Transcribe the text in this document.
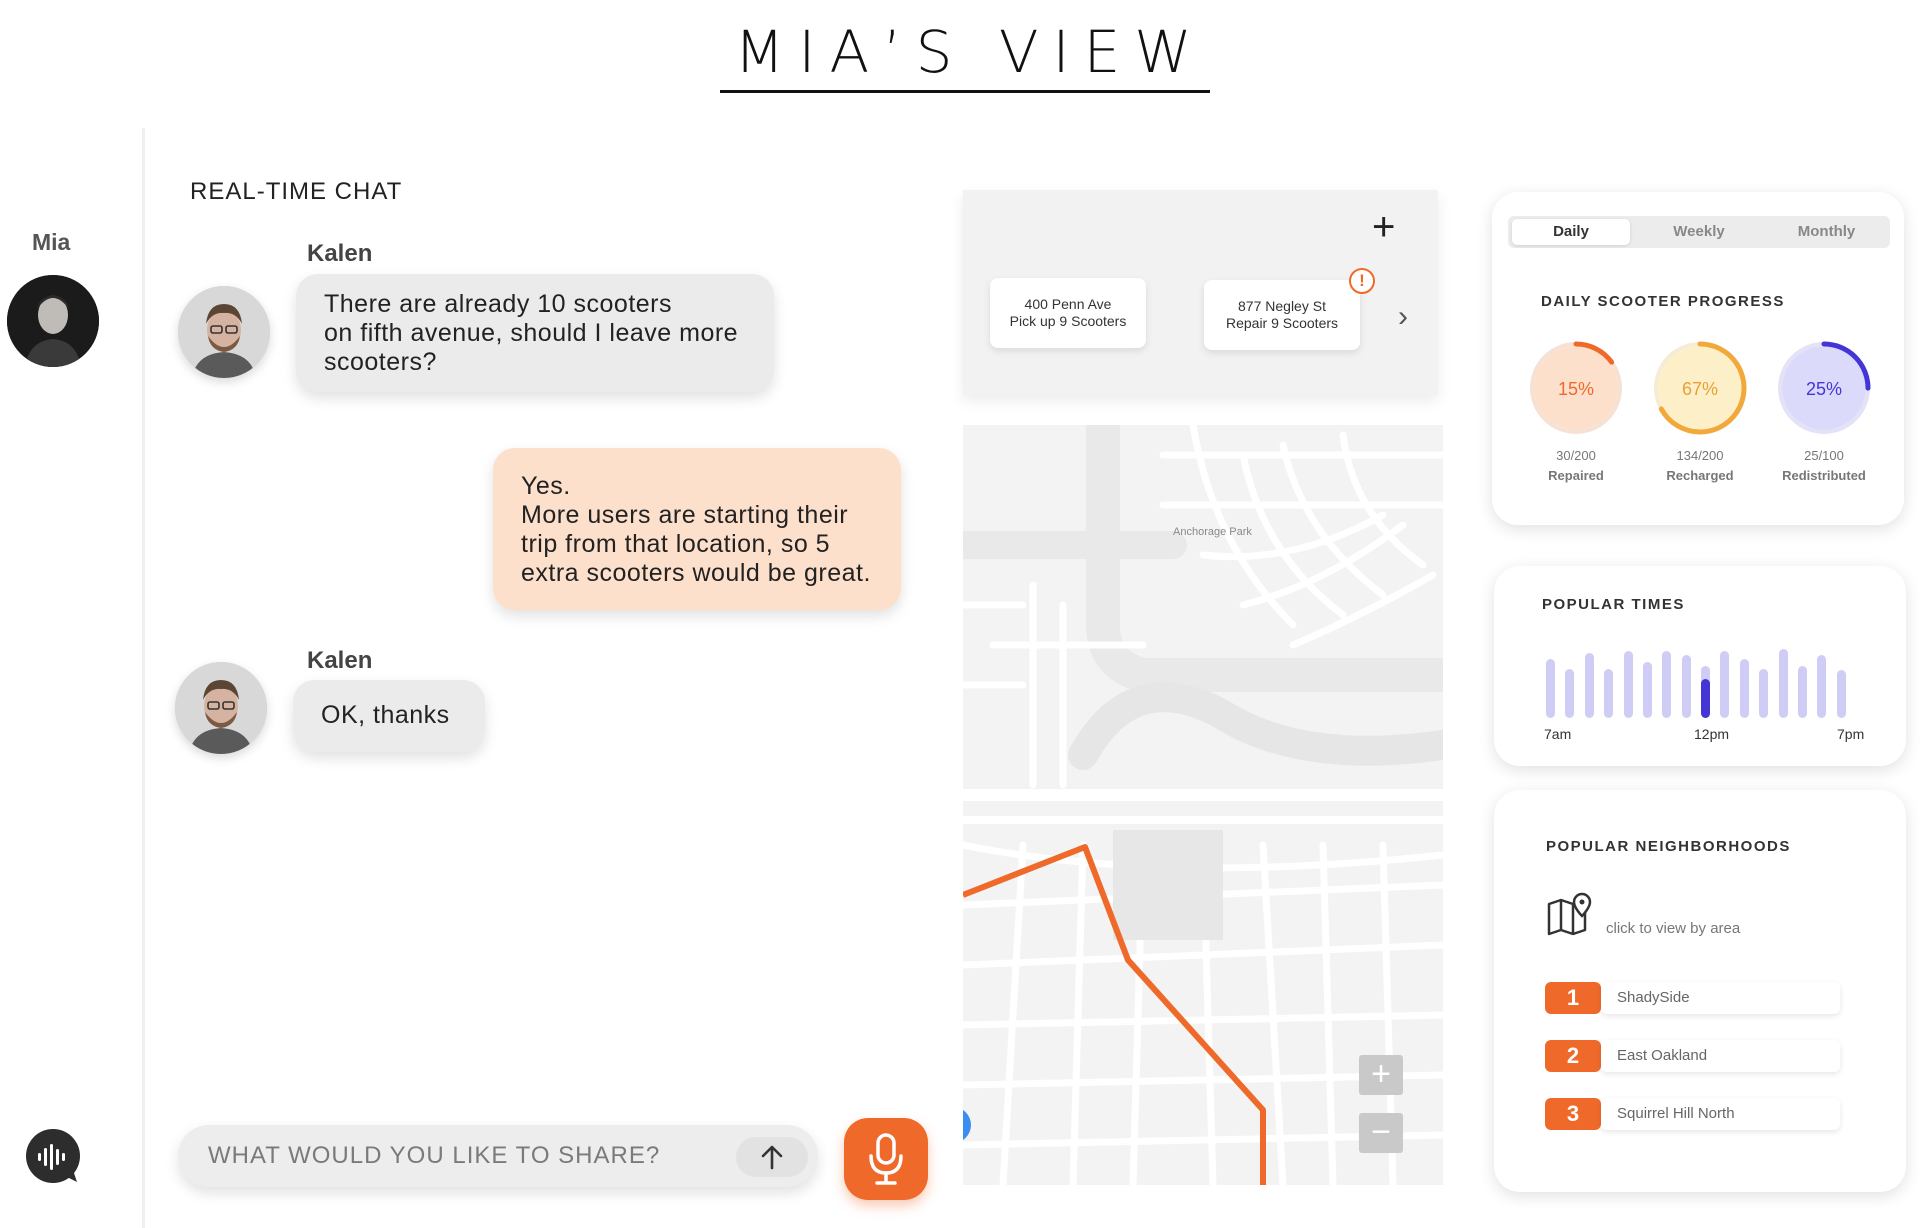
MIA’S VIEW
Mia
REAL-TIME CHAT
Kalen
There are already 10 scooters
on fifth avenue, should I leave more
scooters?
Yes.
More users are starting their
trip from that location, so 5
extra scooters would be great.
Kalen
OK, thanks
WHAT WOULD YOU LIKE TO SHARE?
+
400 Penn Ave
Pick up 9 Scooters
877 Negley St
Repair 9 Scooters
!
›
Anchorage Park
+
−
Daily	Weekly	Monthly
DAILY SCOOTER PROGRESS
15%
30/200
Repaired
67%
134/200
Recharged
25%
25/100
Redistributed
POPULAR TIMES
7am	12pm	7pm
POPULAR NEIGHBORHOODS
click to view by area
1	ShadySide
2	East Oakland
3	Squirrel Hill North
